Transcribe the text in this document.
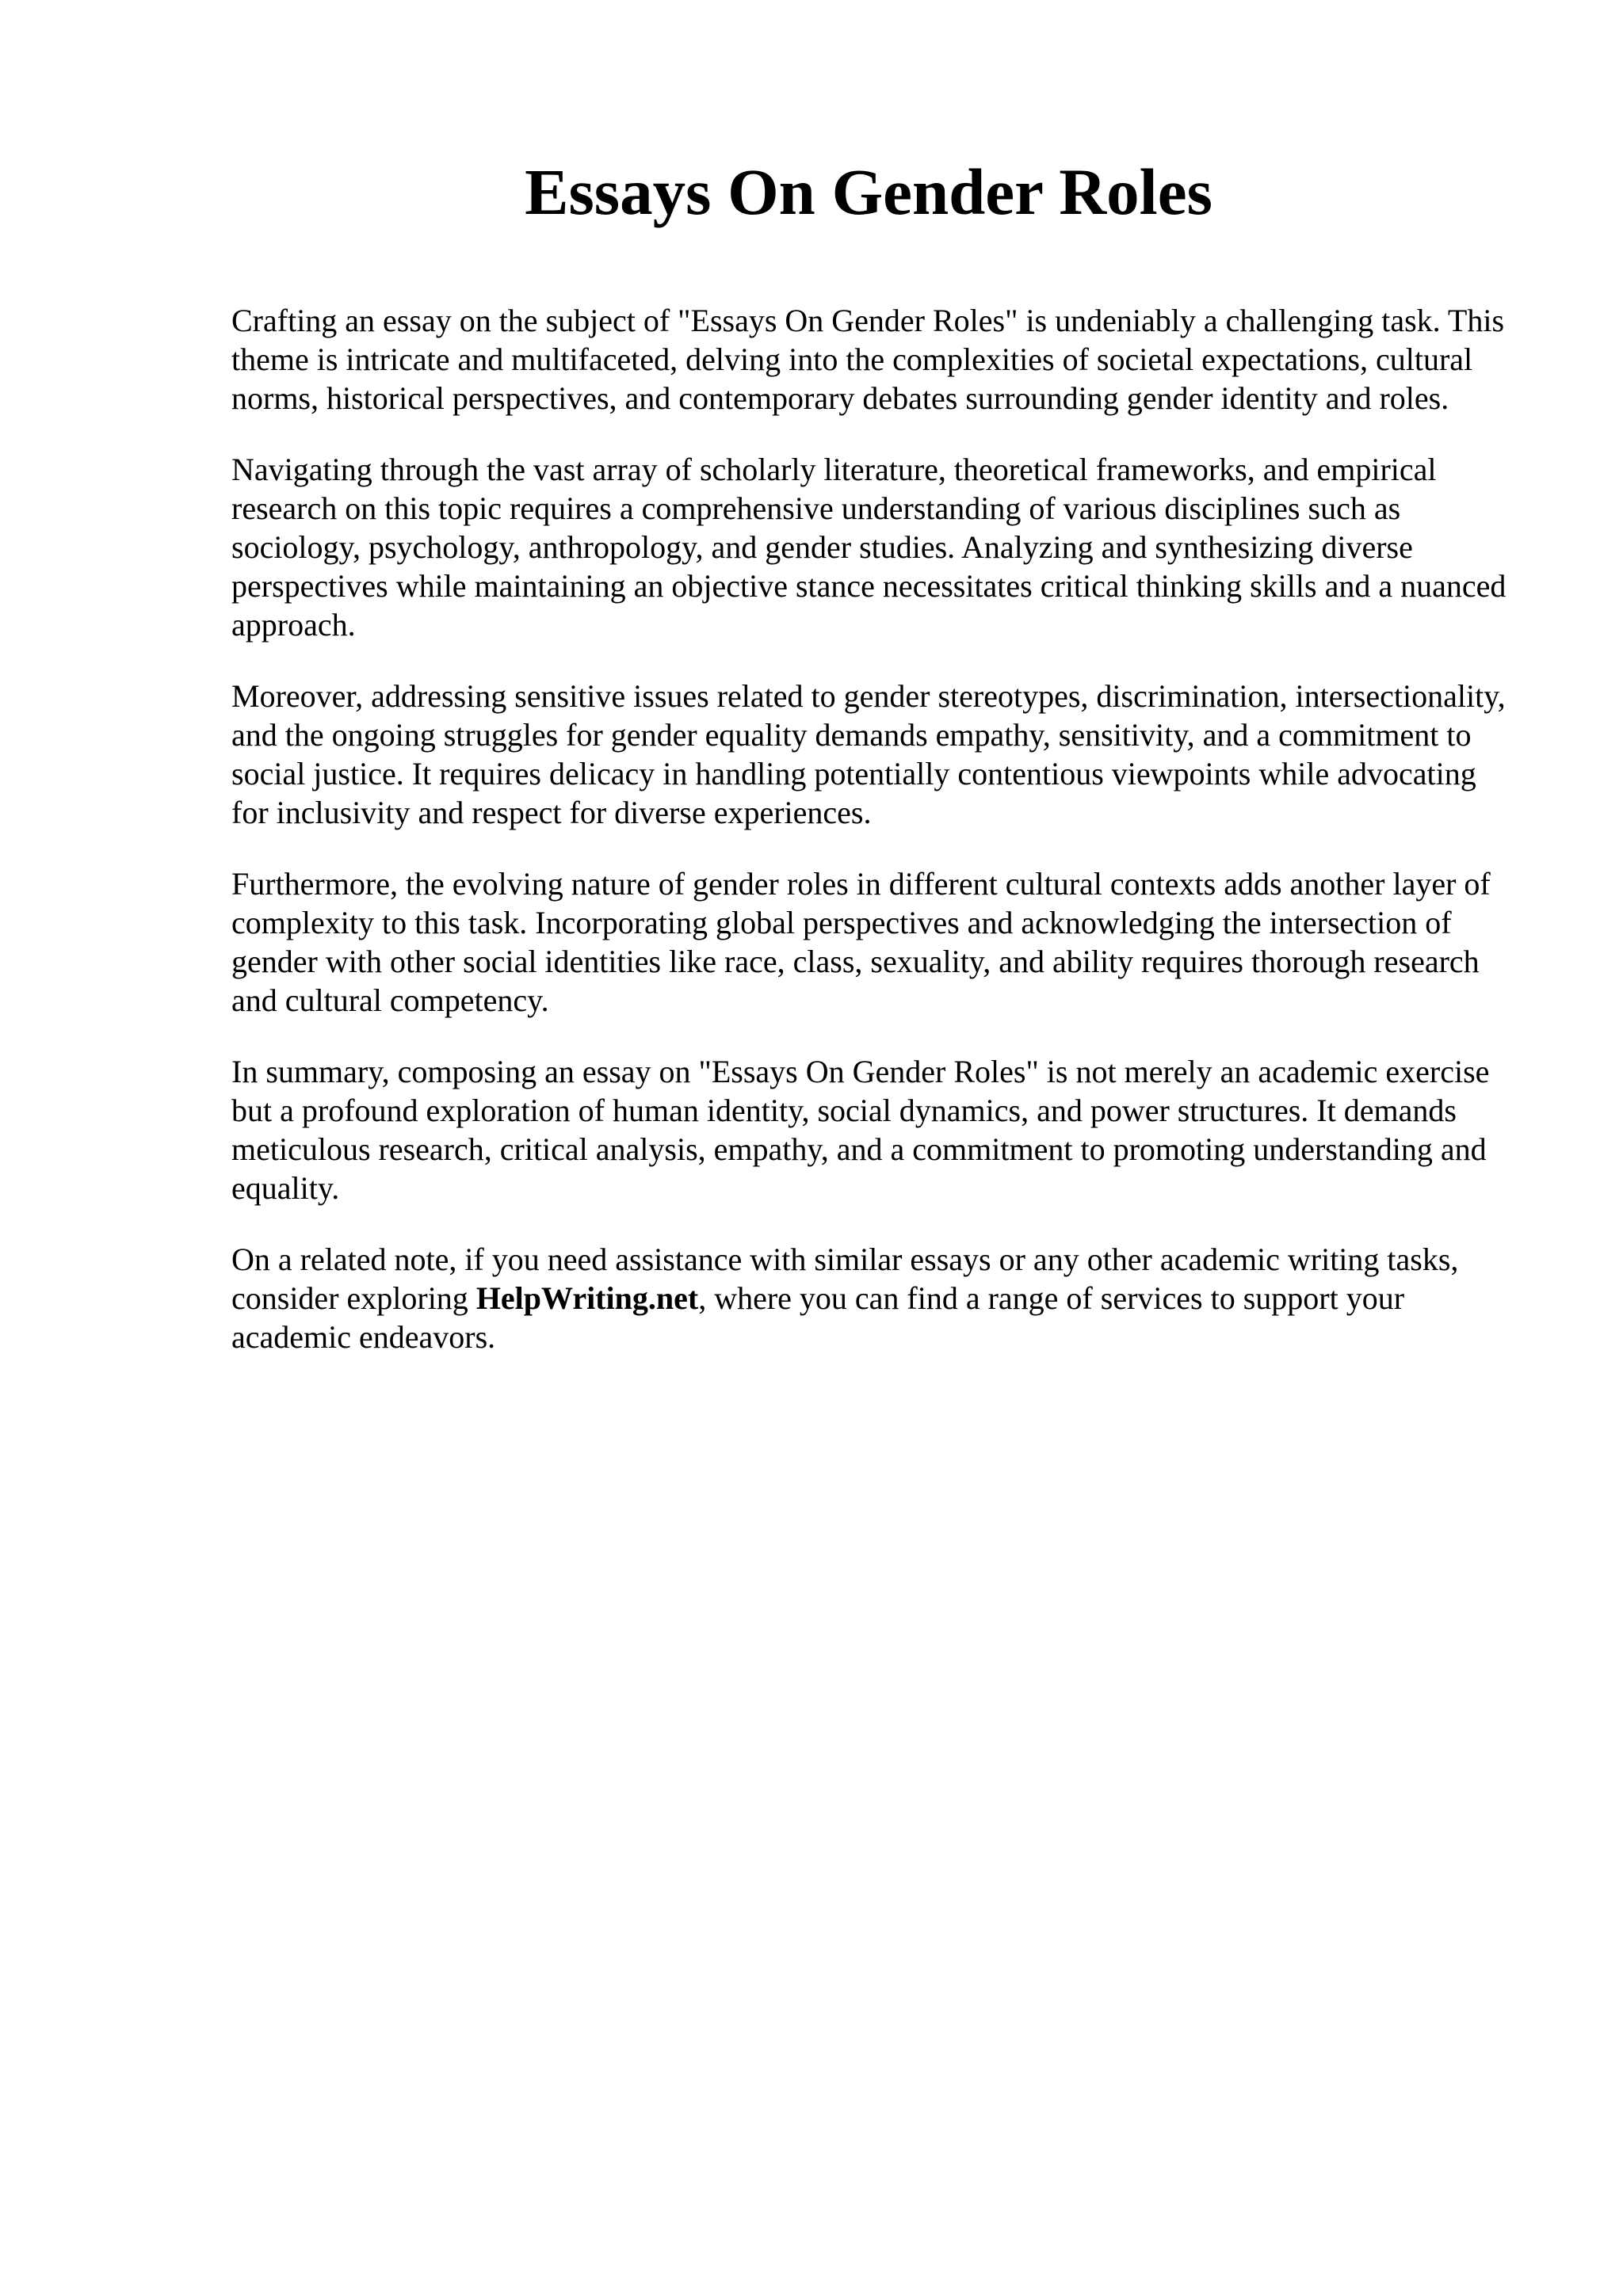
Essays On Gender Roles

Crafting an essay on the subject of "Essays On Gender Roles" is undeniably a challenging task. This theme is intricate and multifaceted, delving into the complexities of societal expectations, cultural norms, historical perspectives, and contemporary debates surrounding gender identity and roles.

Navigating through the vast array of scholarly literature, theoretical frameworks, and empirical research on this topic requires a comprehensive understanding of various disciplines such as sociology, psychology, anthropology, and gender studies. Analyzing and synthesizing diverse perspectives while maintaining an objective stance necessitates critical thinking skills and a nuanced approach.

Moreover, addressing sensitive issues related to gender stereotypes, discrimination, intersectionality, and the ongoing struggles for gender equality demands empathy, sensitivity, and a commitment to social justice. It requires delicacy in handling potentially contentious viewpoints while advocating for inclusivity and respect for diverse experiences.

Furthermore, the evolving nature of gender roles in different cultural contexts adds another layer of complexity to this task. Incorporating global perspectives and acknowledging the intersection of gender with other social identities like race, class, sexuality, and ability requires thorough research and cultural competency.

In summary, composing an essay on "Essays On Gender Roles" is not merely an academic exercise but a profound exploration of human identity, social dynamics, and power structures. It demands meticulous research, critical analysis, empathy, and a commitment to promoting understanding and equality.

On a related note, if you need assistance with similar essays or any other academic writing tasks, consider exploring HelpWriting.net, where you can find a range of services to support your academic endeavors.
